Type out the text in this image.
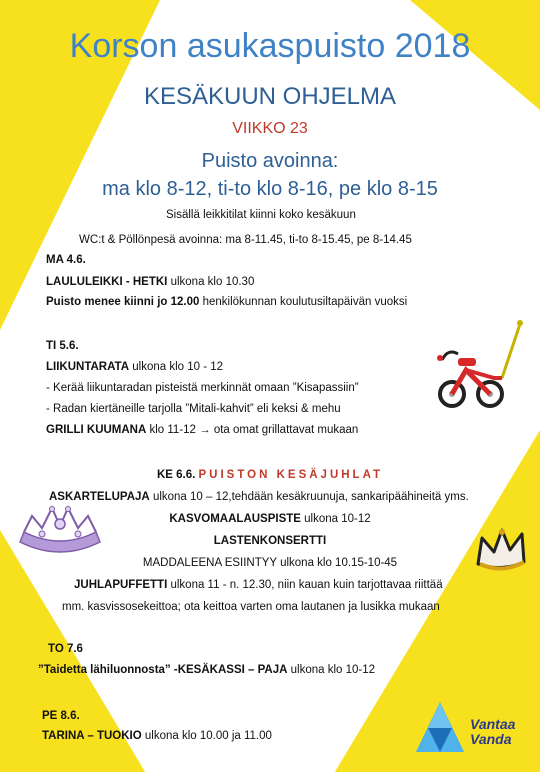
Korson asukaspuisto 2018
KESÄKUUN OHJELMA
VIIKKO 23
Puisto avoinna:
ma klo 8-12, ti-to klo 8-16, pe klo 8-15
Sisällä leikkitilat kiinni koko kesäkuun
WC:t & Pöllönpesä avoinna: ma 8-11.45, ti-to 8-15.45, pe 8-14.45
MA 4.6.
LAULULEIKKI - HETKI ulkona klo 10.30
Puisto menee kiinni jo 12.00 henkilökunnan koulutusiltapäivän vuoksi
TI 5.6.
LIIKUNTARATA ulkona klo 10 - 12
- Kerää liikuntaradan pisteistä merkinnät omaan ”Kisapassiin”
- Radan kiertäneille tarjolla ”Mitali-kahvit” eli keksi & mehu
GRILLI KUUMANA klo 11-12 → ota omat grillattavat mukaan
KE 6.6. PUISTON KESÄJUHLAT
ASKARTELUPAJA ulkona 10 – 12,tehdään kesäkruunuja, sankaripäähineitä yms.
KASVOMAALAUSPISTE ulkona 10-12
LASTENKONSERTTI
MADDALEENA ESIINTYY ulkona klo 10.15-10-45
JUHLAPUFFETTI ulkona 11 - n. 12.30, niin kauan kuin tarjottavaa riittää
mm. kasvissosekeittoa; ota keittoa varten oma lautanen ja lusikka mukaan
TO 7.6
”Taidetta lähiluonnosta” -KESÄKASSI – PAJA ulkona klo 10-12
PE 8.6.
TARINA – TUOKIO ulkona klo 10.00 ja 11.00
Vantaa
Vanda
